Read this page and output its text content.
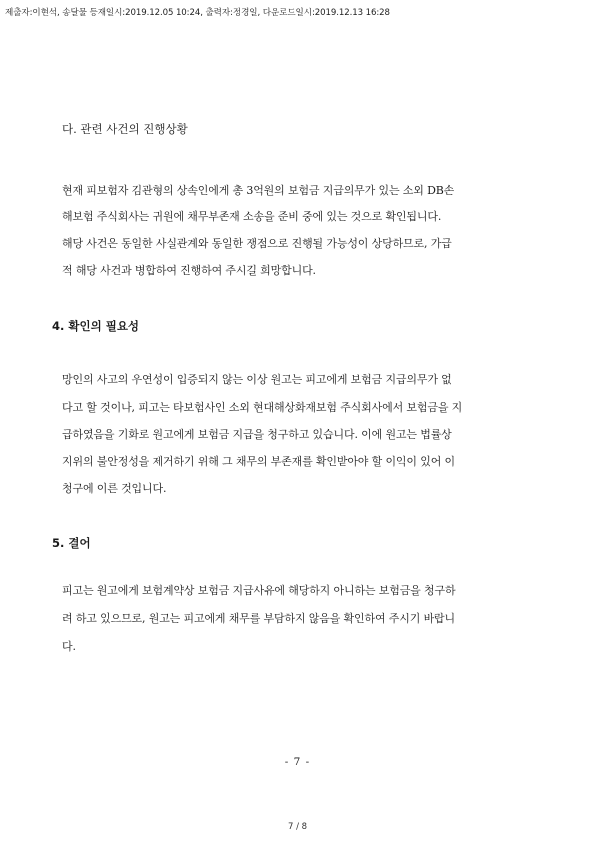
제출자:이현석, 송달물 등재일시:2019.12.05 10:24, 출력자:정경일, 다운로드일시:2019.12.13 16:28
다. 관련 사건의 진행상황
현재 피보험자 김관형의 상속인에게 총 3억원의 보험금 지급의무가 있는 소외 DB손
해보험 주식회사는 귀원에 채무부존재 소송을 준비 중에 있는 것으로 확인됩니다.
해당 사건은 동일한 사실관계와 동일한 쟁점으로 진행될 가능성이 상당하므로, 가급
적 해당 사건과 병합하여 진행하여 주시길 희망합니다.
4. 확인의 필요성
망인의 사고의 우연성이 입증되지 않는 이상 원고는 피고에게 보험금 지급의무가 없
다고 할 것이나, 피고는 타보험사인 소외 현대해상화재보험 주식회사에서 보험금을 지
급하였음을 기화로 원고에게 보험금 지급을 청구하고 있습니다. 이에 원고는 법률상
지위의 불안정성을 제거하기 위해 그 채무의 부존재를 확인받아야 할 이익이 있어 이
청구에 이른 것입니다.
5. 결어
피고는 원고에게 보험계약상 보험금 지급사유에 해당하지 아니하는 보험금을 청구하
려 하고 있으므로, 원고는 피고에게 채무를 부담하지 않음을 확인하여 주시기 바랍니
다.
- 7 -
7 / 8
